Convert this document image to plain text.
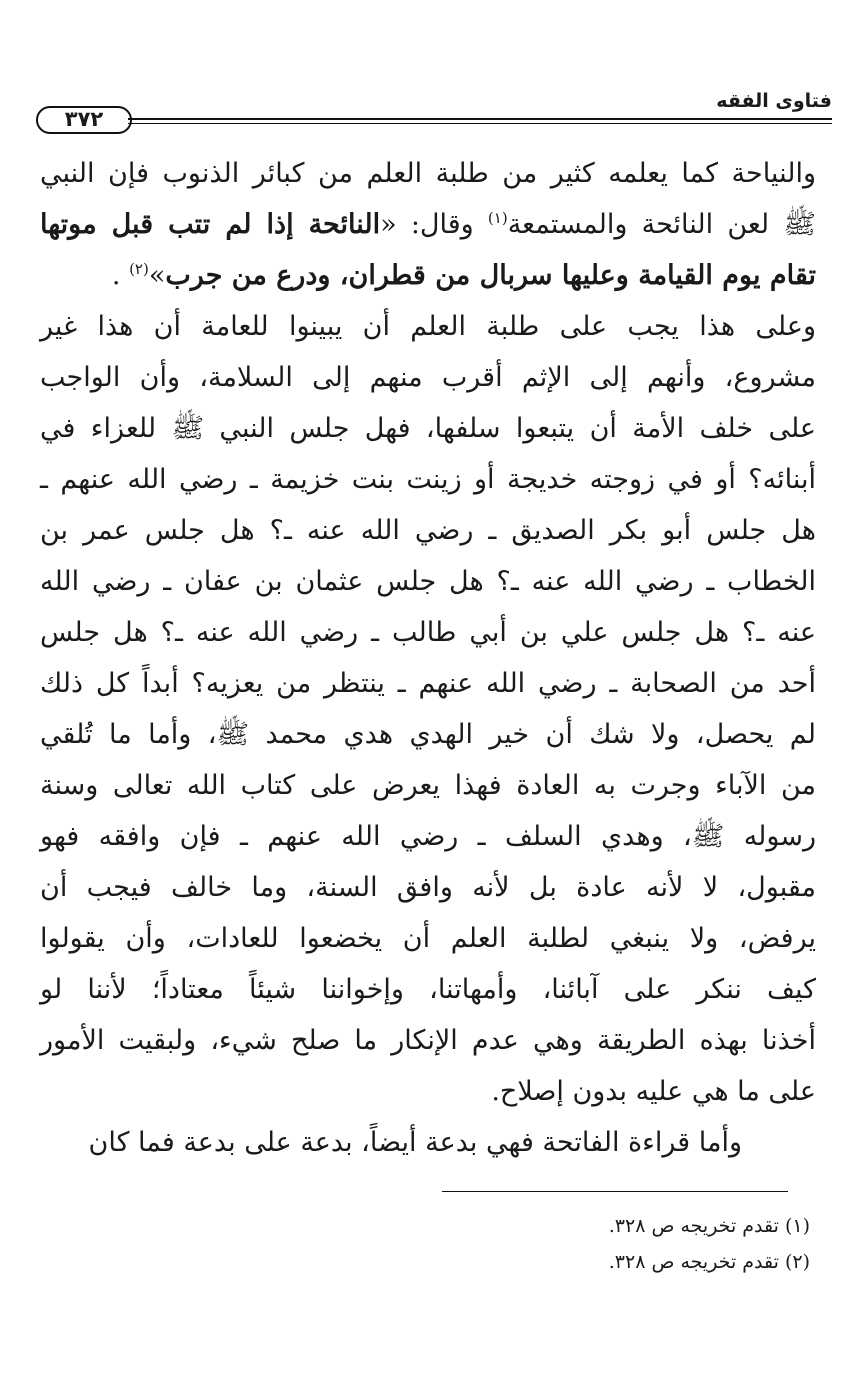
فتاوى الفقه
٣٧٢
والنياحة كما يعلمه كثير من طلبة العلم من كبائر الذنوب فإن النبي
ﷺ لعن النائحة والمستمعة$^{(١)}$ وقال: «النائحة إذا لم تتب قبل موتها
تقام يوم القيامة وعليها سربال من قطران، ودرع من جرب»$^{(٢)}$ .
وعلى هذا يجب على طلبة العلم أن يبينوا للعامة أن هذا غير
مشروع، وأنهم إلى الإثم أقرب منهم إلى السلامة، وأن الواجب
على خلف الأمة أن يتبعوا سلفها، فهل جلس النبي ﷺ للعزاء في
أبنائه؟ أو في زوجته خديجة أو زينت بنت خزيمة ـ رضي الله عنهم ـ
هل جلس أبو بكر الصديق ـ رضي الله عنه ـ؟ هل جلس عمر بن
الخطاب ـ رضي الله عنه ـ؟ هل جلس عثمان بن عفان ـ رضي الله
عنه ـ؟ هل جلس علي بن أبي طالب ـ رضي الله عنه ـ؟ هل جلس
أحد من الصحابة ـ رضي الله عنهم ـ ينتظر من يعزيه؟ أبداً كل ذلك
لم يحصل، ولا شك أن خير الهدي هدي محمد ﷺ، وأما ما تُلقي
من الآباء وجرت به العادة فهذا يعرض على كتاب الله تعالى وسنة
رسوله ﷺ، وهدي السلف ـ رضي الله عنهم ـ فإن وافقه فهو
مقبول، لا لأنه عادة بل لأنه وافق السنة، وما خالف فيجب أن
يرفض، ولا ينبغي لطلبة العلم أن يخضعوا للعادات، وأن يقولوا
كيف ننكر على آبائنا، وأمهاتنا، وإخواننا شيئاً معتاداً؛ لأننا لو
أخذنا بهذه الطريقة وهي عدم الإنكار ما صلح شيء، ولبقيت الأمور
على ما هي عليه بدون إصلاح.
وأما قراءة الفاتحة فهي بدعة أيضاً، بدعة على بدعة فما كان
(١) تقدم تخريجه ص ٣٢٨.
(٢) تقدم تخريجه ص ٣٢٨.
